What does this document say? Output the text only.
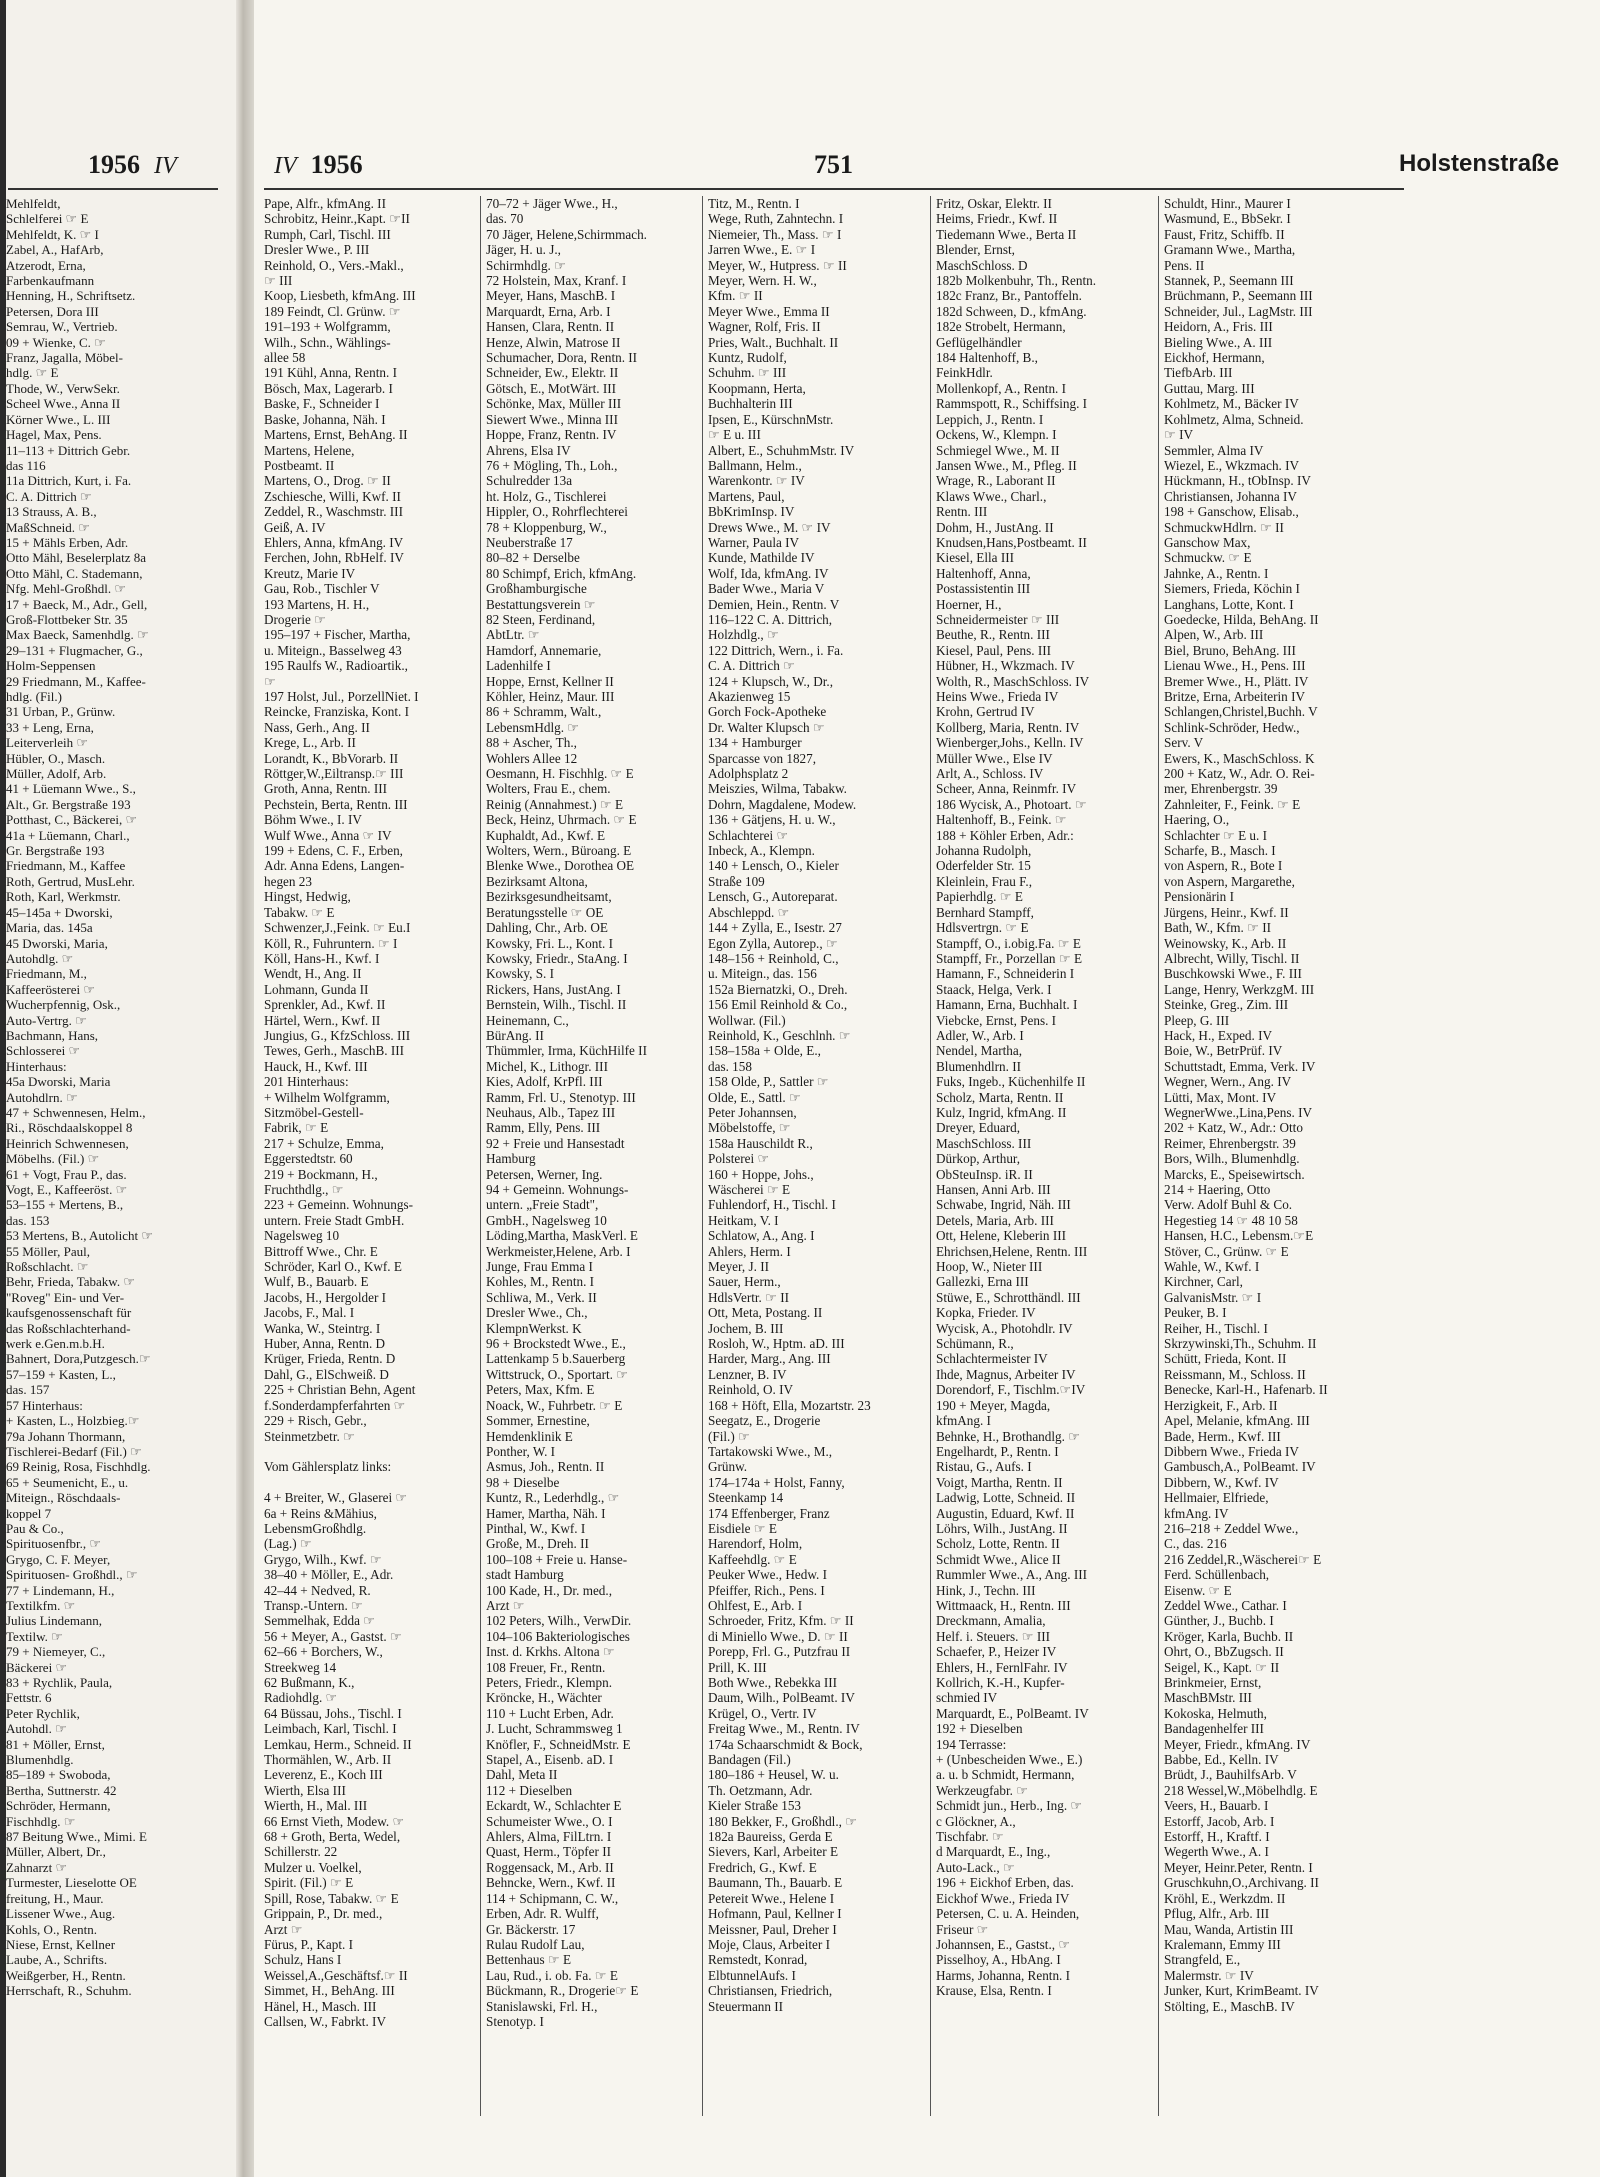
1956 IV
Mehlfeldt,
Schlelferei ☞ E
Mehlfeldt, K. ☞ I
Zabel, A., HafArb,
Atzerodt, Erna,
Farbenkaufmann
Henning, H., Schriftsetz.
Petersen, Dora III
Semrau, W., Vertrieb.
09 + Wienke, C. ☞
Franz, Jagalla, Möbel-
hdlg. ☞ E
Thode, W., VerwSekr.
Scheel Wwe., Anna II
Körner Wwe., L. III
Hagel, Max, Pens.
11–113 + Dittrich Gebr.
das 116
11a Dittrich, Kurt, i. Fa.
C. A. Dittrich ☞
13 Strauss, A. B.,
MaßSchneid. ☞
15 + Mähls Erben, Adr.
Otto Mähl, Beselerplatz 8a
Otto Mähl, C. Stademann,
Nfg. Mehl-Großhdl. ☞
17 + Baeck, M., Adr., Gell,
Groß-Flottbeker Str. 35
Max Baeck, Samenhdlg. ☞
29–131 + Flugmacher, G.,
Holm-Seppensen
29 Friedmann, M., Kaffee-
hdlg. (Fil.)
31 Urban, P., Grünw.
33 + Leng, Erna,
Leiterverleih ☞
Hübler, O., Masch.
Müller, Adolf, Arb.
41 + Lüemann Wwe., S.,
Alt., Gr. Bergstraße 193
Potthast, C., Bäckerei, ☞
41a + Lüemann, Charl.,
Gr. Bergstraße 193
Friedmann, M., Kaffee
Roth, Gertrud, MusLehr.
Roth, Karl, Werkmstr.
45–145a + Dworski,
Maria, das. 145a
45 Dworski, Maria,
Autohdlg. ☞
Friedmann, M.,
Kaffeerösterei ☞
Wucherpfennig, Osk.,
Auto-Vertrg. ☞
Bachmann, Hans,
Schlosserei ☞
Hinterhaus:
45a Dworski, Maria
Autohdlrn. ☞
47 + Schwennesen, Helm.,
Ri., Röschdaalskoppel 8
Heinrich Schwennesen,
Möbelhs. (Fil.) ☞
61 + Vogt, Frau P., das.
Vogt, E., Kaffeeröst. ☞
53–155 + Mertens, B.,
das. 153
53 Mertens, B., Autolicht ☞
55 Möller, Paul,
Roßschlacht. ☞
Behr, Frieda, Tabakw. ☞
"Roveg" Ein- und Ver-
kaufsgenossenschaft für
das Roßschlachterhand-
werk e.Gen.m.b.H.
Bahnert, Dora,Putzgesch.☞
57–159 + Kasten, L.,
das. 157
57 Hinterhaus:
+ Kasten, L., Holzbieg.☞
79a Johann Thormann,
Tischlerei-Bedarf (Fil.) ☞
69 Reinig, Rosa, Fischhdlg.
65 + Seumenicht, E., u.
Miteign., Röschdaals-
koppel 7
Pau & Co.,
Spirituosenfbr., ☞
Grygo, C. F. Meyer,
Spirituosen- Großhdl., ☞
77 + Lindemann, H.,
Textilkfm. ☞
Julius Lindemann,
Textilw. ☞
79 + Niemeyer, C.,
Bäckerei ☞
83 + Rychlik, Paula,
Fettstr. 6
Peter Rychlik,
Autohdl. ☞
81 + Möller, Ernst,
Blumenhdlg.
85–189 + Swoboda,
Bertha, Suttnerstr. 42
Schröder, Hermann,
Fischhdlg. ☞
87 Beitung Wwe., Mimi. E
Müller, Albert, Dr.,
Zahnarzt ☞
Turmester, Lieselotte OE
freitung, H., Maur.
Lissener Wwe., Aug.
Kohls, O., Rentn.
Niese, Ernst, Kellner
Laube, A., Schrifts.
Weißgerber, H., Rentn.
Herrschaft, R., Schuhm.
IV 1956	751	Holstenstraße
Pape, Alfr., kfmAng. II
Schrobitz, Heinr.,Kapt. ☞II
Rumph, Carl, Tischl. III
Dresler Wwe., P. III
Reinhold, O., Vers.-Makl.,
☞ III
Koop, Liesbeth, kfmAng. III
189 Feindt, Cl. Grünw. ☞
191–193 + Wolfgramm,
Wilh., Schn., Wählings-
allee 58
191 Kühl, Anna, Rentn. I
Bösch, Max, Lagerarb. I
Baske, F., Schneider I
Baske, Johanna, Näh. I
Martens, Ernst, BehAng. II
Martens, Helene,
Postbeamt. II
Martens, O., Drog. ☞ II
Zschiesche, Willi, Kwf. II
Zeddel, R., Waschmstr. III
Geiß, A. IV
Ehlers, Anna, kfmAng. IV
Ferchen, John, RbHelf. IV
Kreutz, Marie IV
Gau, Rob., Tischler V
193 Martens, H. H.,
Drogerie ☞
195–197 + Fischer, Martha,
u. Miteign., Basselweg 43
195 Raulfs W., Radioartik.,
☞
197 Holst, Jul., PorzellNiet. I
Reincke, Franziska, Kont. I
Nass, Gerh., Ang. II
Krege, L., Arb. II
Lorandt, K., BbVorarb. II
Röttger,W.,Eiltransp.☞ III
Groth, Anna, Rentn. III
Pechstein, Berta, Rentn. III
Böhm Wwe., I. IV
Wulf Wwe., Anna ☞ IV
199 + Edens, C. F., Erben,
Adr. Anna Edens, Langen-
hegen 23
Hingst, Hedwig,
Tabakw. ☞ E
Schwenzer,J.,Feink. ☞ Eu.I
Köll, R., Fuhruntern. ☞ I
Köll, Hans-H., Kwf. I
Wendt, H., Ang. II
Lohmann, Gunda II
Sprenkler, Ad., Kwf. II
Härtel, Wern., Kwf. II
Jungius, G., KfzSchloss. III
Tewes, Gerh., MaschB. III
Hauck, H., Kwf. III
201 Hinterhaus:
+ Wilhelm Wolfgramm,
Sitzmöbel-Gestell-
Fabrik, ☞ E
217 + Schulze, Emma,
Eggerstedtstr. 60
219 + Bockmann, H.,
Fruchthdlg., ☞
223 + Gemeinn. Wohnungs-
untern. Freie Stadt GmbH.
Nagelsweg 10
Bittroff Wwe., Chr. E
Schröder, Karl O., Kwf. E
Wulf, B., Bauarb. E
Jacobs, H., Hergolder I
Jacobs, F., Mal. I
Wanka, W., Steintrg. I
Huber, Anna, Rentn. D
Krüger, Frieda, Rentn. D
Dahl, G., ElSchweiß. D
225 + Christian Behn, Agent
f.Sonderdampferfahrten ☞
229 + Risch, Gebr.,
Steinmetzbetr. ☞

Vom Gählersplatz links:

4 + Breiter, W., Glaserei ☞
6a + Reins &Mähius,
LebensmGroßhdlg.
(Lag.) ☞
Grygo, Wilh., Kwf. ☞
38–40 + Möller, E., Adr.
42–44 + Nedved, R.
Transp.-Untern. ☞
Semmelhak, Edda ☞
56 + Meyer, A., Gastst. ☞
62–66 + Borchers, W.,
Streekweg 14
62 Bußmann, K.,
Radiohdlg. ☞
64 Büssau, Johs., Tischl. I
Leimbach, Karl, Tischl. I
Lemkau, Herm., Schneid. II
Thormählen, W., Arb. II
Leverenz, E., Koch III
Wierth, Elsa III
Wierth, H., Mal. III
66 Ernst Vieth, Modew. ☞
68 + Groth, Berta, Wedel,
Schillerstr. 22
Mulzer u. Voelkel,
Spirit. (Fil.) ☞ E
Spill, Rose, Tabakw. ☞ E
Grippain, P., Dr. med.,
Arzt ☞
Fürus, P., Kapt. I
Schulz, Hans I
Weissel,A.,Geschäftsf.☞ II
Simmet, H., BehAng. III
Hänel, H., Masch. III
Callsen, W., Fabrkt. IV
70–72 + Jäger Wwe., H.,
das. 70
70 Jäger, Helene,Schirmmach.
Jäger, H. u. J.,
Schirmhdlg. ☞
72 Holstein, Max, Kranf. I
Meyer, Hans, MaschB. I
Marquardt, Erna, Arb. I
Hansen, Clara, Rentn. II
Henze, Alwin, Matrose II
Schumacher, Dora, Rentn. II
Schneider, Ew., Elektr. II
Götsch, E., MotWärt. III
Schönke, Max, Müller III
Siewert Wwe., Minna III
Hoppe, Franz, Rentn. IV
Ahrens, Elsa IV
76 + Mögling, Th., Loh.,
Schulredder 13a
ht. Holz, G., Tischlerei
Hippler, O., Rohrflechterei
78 + Kloppenburg, W.,
Neuberstraße 17
80–82 + Derselbe
80 Schimpf, Erich, kfmAng.
Großhamburgische
Bestattungsverein ☞
82 Steen, Ferdinand,
AbtLtr. ☞
Hamdorf, Annemarie,
Ladenhilfe I
Hoppe, Ernst, Kellner II
Köhler, Heinz, Maur. III
86 + Schramm, Walt.,
LebensmHdlg. ☞
88 + Ascher, Th.,
Wohlers Allee 12
Oesmann, H. Fischhlg. ☞ E
Wolters, Frau E., chem.
Reinig (Annahmest.) ☞ E
Beck, Heinz, Uhrmach. ☞ E
Kuphaldt, Ad., Kwf. E
Wolters, Wern., Büroang. E
Blenke Wwe., Dorothea OE
Bezirksamt Altona,
Bezirksgesundheitsamt,
Beratungsstelle ☞ OE
Dahling, Chr., Arb. OE
Kowsky, Fri. L., Kont. I
Kowsky, Friedr., StaAng. I
Kowsky, S. I
Rickers, Hans, JustAng. I
Bernstein, Wilh., Tischl. II
Heinemann, C.,
BürAng. II
Thümmler, Irma, KüchHilfe II
Michel, K., Lithogr. III
Kies, Adolf, KrPfl. III
Ramm, Frl. U., Stenotyp. III
Neuhaus, Alb., Tapez III
Ramm, Elly, Pens. III
92 + Freie und Hansestadt
Hamburg
Petersen, Werner, Ing.
94 + Gemeinn. Wohnungs-
untern. „Freie Stadt",
GmbH., Nagelsweg 10
Löding,Martha, MaskVerl. E
Werkmeister,Helene, Arb. I
Junge, Frau Emma I
Kohles, M., Rentn. I
Schliwa, M., Verk. II
Dresler Wwe., Ch.,
KlempnWerkst. K
96 + Brockstedt Wwe., E.,
Lattenkamp 5 b.Sauerberg
Wittstruck, O., Sportart. ☞
Peters, Max, Kfm. E
Noack, W., Fuhrbetr. ☞ E
Sommer, Ernestine,
Hemdenklinik E
Ponther, W. I
Asmus, Joh., Rentn. II
98 + Dieselbe
Kuntz, R., Lederhdlg., ☞
Hamer, Martha, Näh. I
Pinthal, W., Kwf. I
Große, M., Dreh. II
100–108 + Freie u. Hanse-
stadt Hamburg
100 Kade, H., Dr. med.,
Arzt ☞
102 Peters, Wilh., VerwDir.
104–106 Bakteriologisches
Inst. d. Krkhs. Altona ☞
108 Freuer, Fr., Rentn.
Peters, Friedr., Klempn.
Kröncke, H., Wächter
110 + Lucht Erben, Adr.
J. Lucht, Schrammsweg 1
Knöfler, F., SchneidMstr. E
Stapel, A., Eisenb. aD. I
Dahl, Meta II
112 + Dieselben
Eckardt, W., Schlachter E
Schumeister Wwe., O. I
Ahlers, Alma, FilLtrn. I
Quast, Herm., Töpfer II
Roggensack, M., Arb. II
Behncke, Wern., Kwf. II
114 + Schipmann, C. W.,
Erben, Adr. R. Wulff,
Gr. Bäckerstr. 17
Rulau Rudolf Lau,
Bettenhaus ☞ E
Lau, Rud., i. ob. Fa. ☞ E
Bückmann, R., Drogerie☞ E
Stanislawski, Frl. H.,
Stenotyp. I
Titz, M., Rentn. I
Wege, Ruth, Zahntechn. I
Niemeier, Th., Mass. ☞ I
Jarren Wwe., E. ☞ I
Meyer, W., Hutpress. ☞ II
Meyer, Wern. H. W.,
Kfm. ☞ II
Meyer Wwe., Emma II
Wagner, Rolf, Fris. II
Pries, Walt., Buchhalt. II
Kuntz, Rudolf,
Schuhm. ☞ III
Koopmann, Herta,
Buchhalterin III
Ipsen, E., KürschnMstr.
☞ E u. III
Albert, E., SchuhmMstr. IV
Ballmann, Helm.,
Warenkontr. ☞ IV
Martens, Paul,
BbKrimInsp. IV
Drews Wwe., M. ☞ IV
Warner, Paula IV
Kunde, Mathilde IV
Wolf, Ida, kfmAng. IV
Bader Wwe., Maria V
Demien, Hein., Rentn. V
116–122 C. A. Dittrich,
Holzhdlg., ☞
122 Dittrich, Wern., i. Fa.
C. A. Dittrich ☞
124 + Klupsch, W., Dr.,
Akazienweg 15
Gorch Fock-Apotheke
Dr. Walter Klupsch ☞
134 + Hamburger
Sparcasse von 1827,
Adolphsplatz 2
Meiszies, Wilma, Tabakw.
Dohrn, Magdalene, Modew.
136 + Gätjens, H. u. W.,
Schlachterei ☞
Inbeck, A., Klempn.
140 + Lensch, O., Kieler
Straße 109
Lensch, G., Autoreparat.
Abschleppd. ☞
144 + Zylla, E., Isestr. 27
Egon Zylla, Autorep., ☞
148–156 + Reinhold, C.,
u. Miteign., das. 156
152a Biernatzki, O., Dreh.
156 Emil Reinhold & Co.,
Wollwar. (Fil.)
Reinhold, K., Geschlnh. ☞
158–158a + Olde, E.,
das. 158
158 Olde, P., Sattler ☞
Olde, E., Sattl. ☞
Peter Johannsen,
Möbelstoffe, ☞
158a Hauschildt R.,
Polsterei ☞
160 + Hoppe, Johs.,
Wäscherei ☞ E
Fuhlendorf, H., Tischl. I
Heitkam, V. I
Schlatow, A., Ang. I
Ahlers, Herm. I
Meyer, J. II
Sauer, Herm.,
HdlsVertr. ☞ II
Ott, Meta, Postang. II
Jochem, B. III
Rosloh, W., Hptm. aD. III
Harder, Marg., Ang. III
Lenzner, B. IV
Reinhold, O. IV
168 + Höft, Ella, Mozartstr. 23
Seegatz, E., Drogerie
(Fil.) ☞
Tartakowski Wwe., M.,
Grünw.
174–174a + Holst, Fanny,
Steenkamp 14
174 Effenberger, Franz
Eisdiele ☞ E
Harendorf, Holm,
Kaffeehdlg. ☞ E
Peuker Wwe., Hedw. I
Pfeiffer, Rich., Pens. I
Ohlfest, E., Arb. I
Schroeder, Fritz, Kfm. ☞ II
di Miniello Wwe., D. ☞ II
Porepp, Frl. G., Putzfrau II
Prill, K. III
Both Wwe., Rebekka III
Daum, Wilh., PolBeamt. IV
Krügel, O., Vertr. IV
Freitag Wwe., M., Rentn. IV
174a Schaarschmidt & Bock,
Bandagen (Fil.)
180–186 + Heusel, W. u.
Th. Oetzmann, Adr.
Kieler Straße 153
180 Bekker, F., Großhdl., ☞
182a Baureiss, Gerda E
Sievers, Karl, Arbeiter E
Fredrich, G., Kwf. E
Baumann, Th., Bauarb. E
Petereit Wwe., Helene I
Hofmann, Paul, Kellner I
Meissner, Paul, Dreher I
Moje, Claus, Arbeiter I
Remstedt, Konrad,
ElbtunnelAufs. I
Christiansen, Friedrich,
Steuermann II
Fritz, Oskar, Elektr. II
Heims, Friedr., Kwf. II
Tiedemann Wwe., Berta II
Blender, Ernst,
MaschSchloss. D
182b Molkenbuhr, Th., Rentn.
182c Franz, Br., Pantoffeln.
182d Schween, D., kfmAng.
182e Strobelt, Hermann,
Geflügelhändler
184 Haltenhoff, B.,
FeinkHdlr.
Mollenkopf, A., Rentn. I
Rammspott, R., Schiffsing. I
Leppich, J., Rentn. I
Ockens, W., Klempn. I
Schmiegel Wwe., M. II
Jansen Wwe., M., Pfleg. II
Wrage, R., Laborant II
Klaws Wwe., Charl.,
Rentn. III
Dohm, H., JustAng. II
Knudsen,Hans,Postbeamt. II
Kiesel, Ella III
Haltenhoff, Anna,
Postassistentin III
Hoerner, H.,
Schneidermeister ☞ III
Beuthe, R., Rentn. III
Kiesel, Paul, Pens. III
Hübner, H., Wkzmach. IV
Wolth, R., MaschSchloss. IV
Heins Wwe., Frieda IV
Krohn, Gertrud IV
Kollberg, Maria, Rentn. IV
Wienberger,Johs., Kelln. IV
Müller Wwe., Else IV
Arlt, A., Schloss. IV
Scheer, Anna, Reinmfr. IV
186 Wycisk, A., Photoart. ☞
Haltenhoff, B., Feink. ☞
188 + Köhler Erben, Adr.:
Johanna Rudolph,
Oderfelder Str. 15
Kleinlein, Frau F.,
Papierhdlg. ☞ E
Bernhard Stampff,
Hdlsvertrgn. ☞ E
Stampff, O., i.obig.Fa. ☞ E
Stampff, Fr., Porzellan ☞ E
Hamann, F., Schneiderin I
Staack, Helga, Verk. I
Hamann, Erna, Buchhalt. I
Viebcke, Ernst, Pens. I
Adler, W., Arb. I
Nendel, Martha,
Blumenhdlrn. II
Fuks, Ingeb., Küchenhilfe II
Scholz, Marta, Rentn. II
Kulz, Ingrid, kfmAng. II
Dreyer, Eduard,
MaschSchloss. III
Dürkop, Arthur,
ObSteuInsp. iR. II
Hansen, Anni Arb. III
Schwabe, Ingrid, Näh. III
Detels, Maria, Arb. III
Ott, Helene, Kleberin III
Ehrichsen,Helene, Rentn. III
Hoop, W., Nieter III
Gallezki, Erna III
Stüwe, E., Schrotthändl. III
Kopka, Frieder. IV
Wycisk, A., Photohdlr. IV
Schümann, R.,
Schlachtermeister IV
Ihde, Magnus, Arbeiter IV
Dorendorf, F., Tischlm.☞IV
190 + Meyer, Magda,
kfmAng. I
Behnke, H., Brothandlg. ☞
Engelhardt, P., Rentn. I
Ristau, G., Aufs. I
Voigt, Martha, Rentn. II
Ladwig, Lotte, Schneid. II
Augustin, Eduard, Kwf. II
Löhrs, Wilh., JustAng. II
Scholz, Lotte, Rentn. II
Schmidt Wwe., Alice II
Rummler Wwe., A., Ang. III
Hink, J., Techn. III
Wittmaack, H., Rentn. III
Dreckmann, Amalia,
Helf. i. Steuers. ☞ III
Schaefer, P., Heizer IV
Ehlers, H., FernlFahr. IV
Kollrich, K.-H., Kupfer-
schmied IV
Marquardt, E., PolBeamt. IV
192 + Dieselben
194 Terrasse:
+ (Unbescheiden Wwe., E.)
a. u. b Schmidt, Hermann,
Werkzeugfabr. ☞
Schmidt jun., Herb., Ing. ☞
c Glöckner, A.,
Tischfabr. ☞
d Marquardt, E., Ing.,
Auto-Lack., ☞
196 + Eickhof Erben, das.
Eickhof Wwe., Frieda IV
Petersen, C. u. A. Heinden,
Friseur ☞
Johannsen, E., Gastst., ☞
Pisselhoy, A., HbAng. I
Harms, Johanna, Rentn. I
Krause, Elsa, Rentn. I
Schuldt, Hinr., Maurer I
Wasmund, E., BbSekr. I
Faust, Fritz, Schiffb. II
Gramann Wwe., Martha,
Pens. II
Stannek, P., Seemann III
Brüchmann, P., Seemann III
Schneider, Jul., LagMstr. III
Heidorn, A., Fris. III
Bieling Wwe., A. III
Eickhof, Hermann,
TiefbArb. III
Guttau, Marg. III
Kohlmetz, M., Bäcker IV
Kohlmetz, Alma, Schneid.
☞ IV
Semmler, Alma IV
Wiezel, E., Wkzmach. IV
Hückmann, H., tObInsp. IV
Christiansen, Johanna IV
198 + Ganschow, Elisab.,
SchmuckwHdlrn. ☞ II
Ganschow Max,
Schmuckw. ☞ E
Jahnke, A., Rentn. I
Siemers, Frieda, Köchin I
Langhans, Lotte, Kont. I
Goedecke, Hilda, BehAng. II
Alpen, W., Arb. III
Biel, Bruno, BehAng. III
Lienau Wwe., H., Pens. III
Bremer Wwe., H., Plätt. IV
Britze, Erna, Arbeiterin IV
Schlangen,Christel,Buchh. V
Schlink-Schröder, Hedw.,
Serv. V
Ewers, K., MaschSchloss. K
200 + Katz, W., Adr. O. Rei-
mer, Ehrenbergstr. 39
Zahnleiter, F., Feink. ☞ E
Haering, O.,
Schlachter ☞ E u. I
Scharfe, B., Masch. I
von Aspern, R., Bote I
von Aspern, Margarethe,
Pensionärin I
Jürgens, Heinr., Kwf. II
Bath, W., Kfm. ☞ II
Weinowsky, K., Arb. II
Albrecht, Willy, Tischl. II
Buschkowski Wwe., F. III
Lange, Henry, WerkzgM. III
Steinke, Greg., Zim. III
Pleep, G. III
Hack, H., Exped. IV
Boie, W., BetrPrüf. IV
Schuttstadt, Emma, Verk. IV
Wegner, Wern., Ang. IV
Lütti, Max, Mont. IV
WegnerWwe.,Lina,Pens. IV
202 + Katz, W., Adr.: Otto
Reimer, Ehrenbergstr. 39
Bors, Wilh., Blumenhdlg.
Marcks, E., Speisewirtsch.
214 + Haering, Otto
Verw. Adolf Buhl & Co.
Hegestieg 14 ☞ 48 10 58
Hansen, H.C., Lebensm.☞E
Stöver, C., Grünw. ☞ E
Wahle, W., Kwf. I
Kirchner, Carl,
GalvanisMstr. ☞ I
Peuker, B. I
Reiher, H., Tischl. I
Skrzywinski,Th., Schuhm. II
Schütt, Frieda, Kont. II
Reissmann, M., Schloss. II
Benecke, Karl-H., Hafenarb. II
Herzigkeit, F., Arb. II
Apel, Melanie, kfmAng. III
Bade, Herm., Kwf. III
Dibbern Wwe., Frieda IV
Gambusch,A., PolBeamt. IV
Dibbern, W., Kwf. IV
Hellmaier, Elfriede,
kfmAng. IV
216–218 + Zeddel Wwe.,
C., das. 216
216 Zeddel,R.,Wäscherei☞ E
Ferd. Schüllenbach,
Eisenw. ☞ E
Zeddel Wwe., Cathar. I
Günther, J., Buchb. I
Kröger, Karla, Buchb. II
Ohrt, O., BbZugsch. II
Seigel, K., Kapt. ☞ II
Brinkmeier, Ernst,
MaschBMstr. III
Kokoska, Helmuth,
Bandagenhelfer III
Meyer, Friedr., kfmAng. IV
Babbe, Ed., Kelln. IV
Brüdt, J., BauhilfsArb. V
218 Wessel,W.,Möbelhdlg. E
Veers, H., Bauarb. I
Estorff, Jacob, Arb. I
Estorff, H., Kraftf. I
Wegerth Wwe., A. I
Meyer, Heinr.Peter, Rentn. I
Gruschkuhn,O.,Archivang. II
Kröhl, E., Werkzdm. II
Pflug, Alfr., Arb. III
Mau, Wanda, Artistin III
Kralemann, Emmy III
Strangfeld, E.,
Malermstr. ☞ IV
Junker, Kurt, KrimBeamt. IV
Stölting, E., MaschB. IV
